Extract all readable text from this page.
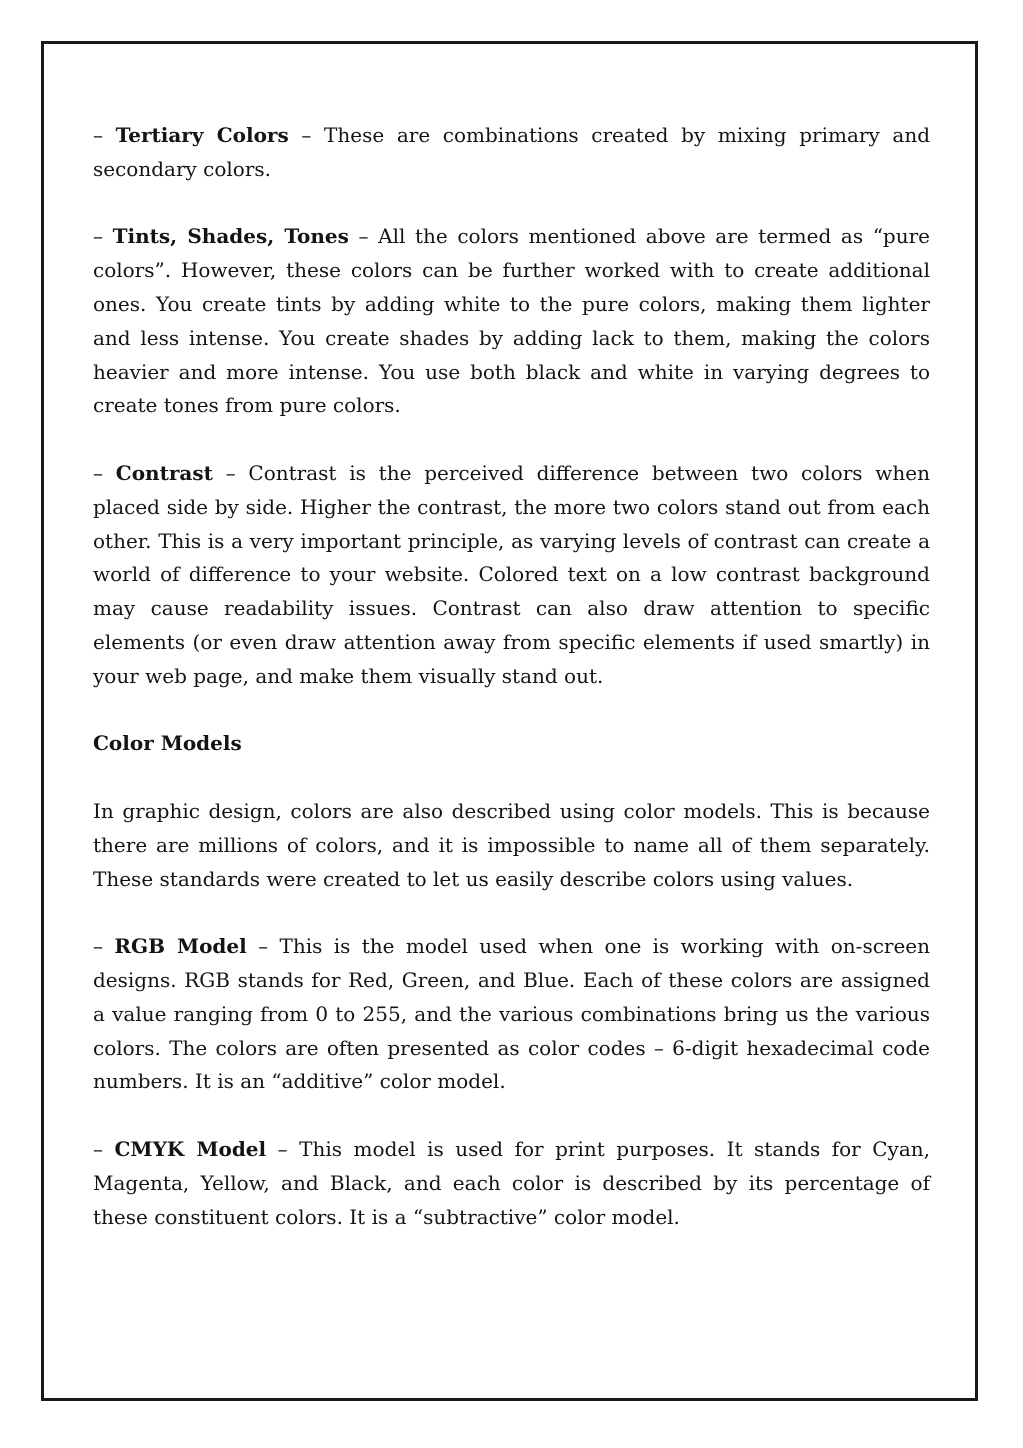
– Tertiary Colors – These are combinations created by mixing primary and secondary colors.

– Tints, Shades, Tones – All the colors mentioned above are termed as “pure colors”. However, these colors can be further worked with to create additional ones. You create tints by adding white to the pure colors, making them lighter and less intense. You create shades by adding lack to them, making the colors heavier and more intense. You use both black and white in varying degrees to create tones from pure colors.

– Contrast – Contrast is the perceived difference between two colors when placed side by side. Higher the contrast, the more two colors stand out from each other. This is a very important principle, as varying levels of contrast can create a world of difference to your website. Colored text on a low contrast background may cause readability issues. Contrast can also draw attention to specific elements (or even draw attention away from specific elements if used smartly) in your web page, and make them visually stand out.

Color Models

In graphic design, colors are also described using color models. This is because there are millions of colors, and it is impossible to name all of them separately. These standards were created to let us easily describe colors using values.

– RGB Model – This is the model used when one is working with on-screen designs. RGB stands for Red, Green, and Blue. Each of these colors are assigned a value ranging from 0 to 255, and the various combinations bring us the various colors. The colors are often presented as color codes – 6-digit hexadecimal code numbers. It is an “additive” color model.

– CMYK Model – This model is used for print purposes. It stands for Cyan, Magenta, Yellow, and Black, and each color is described by its percentage of these constituent colors. It is a “subtractive” color model.
